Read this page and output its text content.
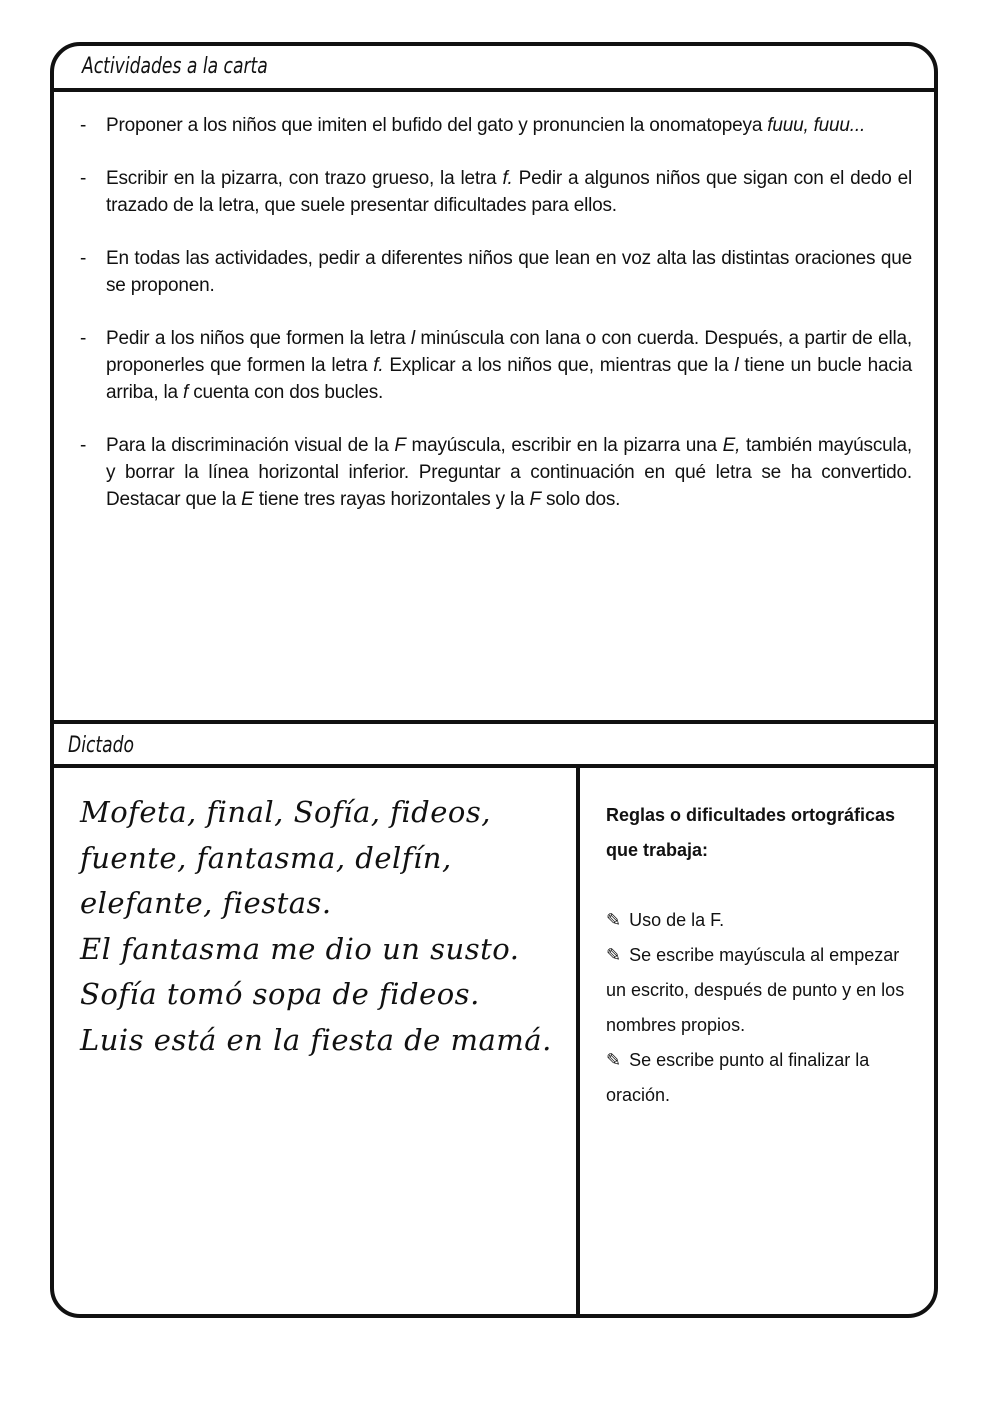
Actividades a la carta
- Proponer a los niños que imiten el bufido del gato y pronuncien la onomatopeya fuuu, fuuu...
- Escribir en la pizarra, con trazo grueso, la letra f. Pedir a algunos niños que sigan con el dedo el trazado de la letra, que suele presentar dificultades para ellos.
- En todas las actividades, pedir a diferentes niños que lean en voz alta las distintas oraciones que se proponen.
- Pedir a los niños que formen la letra l minúscula con lana o con cuerda. Después, a partir de ella, proponerles que formen la letra f. Explicar a los niños que, mientras que la l tiene un bucle hacia arriba, la f cuenta con dos bucles.
- Para la discriminación visual de la F mayúscula, escribir en la pizarra una E, también mayúscula, y borrar la línea horizontal inferior. Preguntar a continuación en qué letra se ha convertido. Destacar que la E tiene tres rayas horizontales y la F solo dos.
Dictado
Mofeta, final, Sofía, fideos,
fuente, fantasma, delfín,
elefante, fiestas.
El fantasma me dio un susto.
Sofía tomó sopa de fideos.
Luis está en la fiesta de mamá.
Reglas o dificultades ortográficas que trabaja:
✎ Uso de la F.
✎ Se escribe mayúscula al empezar un escrito, después de punto y en los nombres propios.
✎ Se escribe punto al finalizar la oración.
